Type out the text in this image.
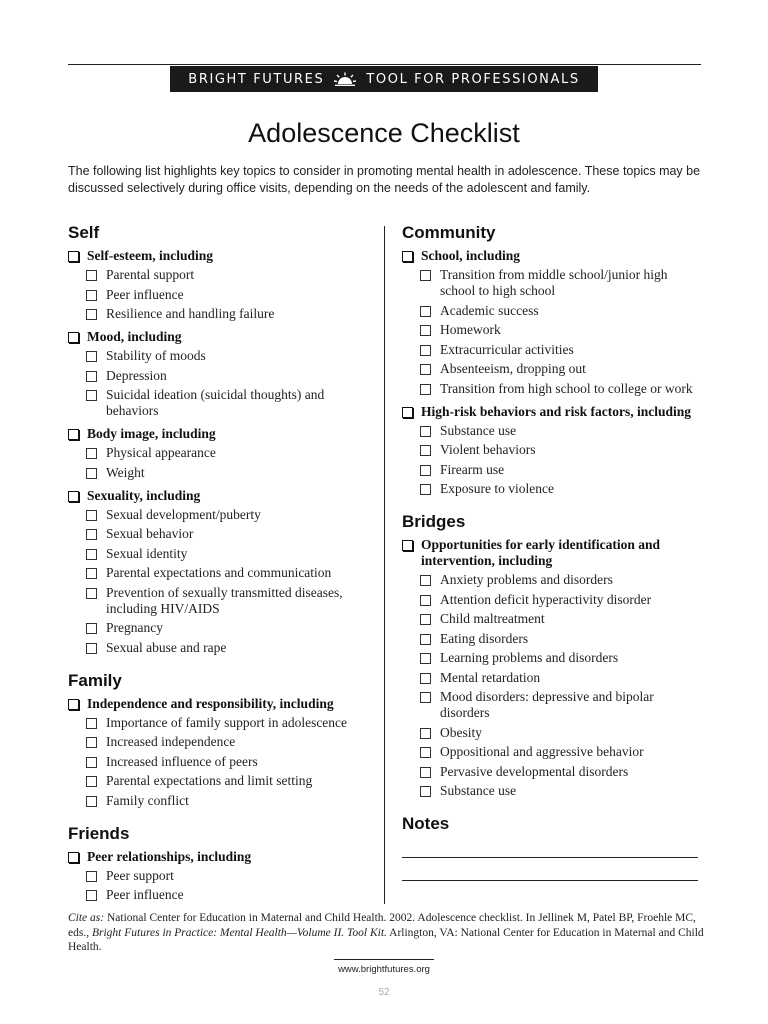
BRIGHT FUTURES	TOOL FOR PROFESSIONALS
Adolescence Checklist

The following list highlights key topics to consider in promoting mental health in adolescence. These topics may be discussed selectively during office visits, depending on the needs of the adolescent and family.

Self
Self-esteem, including
Parental support
Peer influence
Resilience and handling failure
Mood, including
Stability of moods
Depression
Suicidal ideation (suicidal thoughts) and behaviors
Body image, including
Physical appearance
Weight
Sexuality, including
Sexual development/puberty
Sexual behavior
Sexual identity
Parental expectations and communication
Prevention of sexually transmitted diseases, including HIV/AIDS
Pregnancy
Sexual abuse and rape
Family
Independence and responsibility, including
Importance of family support in adolescence
Increased independence
Increased influence of peers
Parental expectations and limit setting
Family conflict
Friends
Peer relationships, including
Peer support
Peer influence
Community
School, including
Transition from middle school/junior high school to high school
Academic success
Homework
Extracurricular activities
Absenteeism, dropping out
Transition from high school to college or work
High-risk behaviors and risk factors, including
Substance use
Violent behaviors
Firearm use
Exposure to violence
Bridges
Opportunities for early identification and intervention, including
Anxiety problems and disorders
Attention deficit hyperactivity disorder
Child maltreatment
Eating disorders
Learning problems and disorders
Mental retardation
Mood disorders: depressive and bipolar disorders
Obesity
Oppositional and aggressive behavior
Pervasive developmental disorders
Substance use
Notes

Cite as: National Center for Education in Maternal and Child Health. 2002. Adolescence checklist. In Jellinek M, Patel BP, Froehle MC, eds., Bright Futures in Practice: Mental Health—Volume II. Tool Kit. Arlington, VA: National Center for Education in Maternal and Child Health.

www.brightfutures.org
52
